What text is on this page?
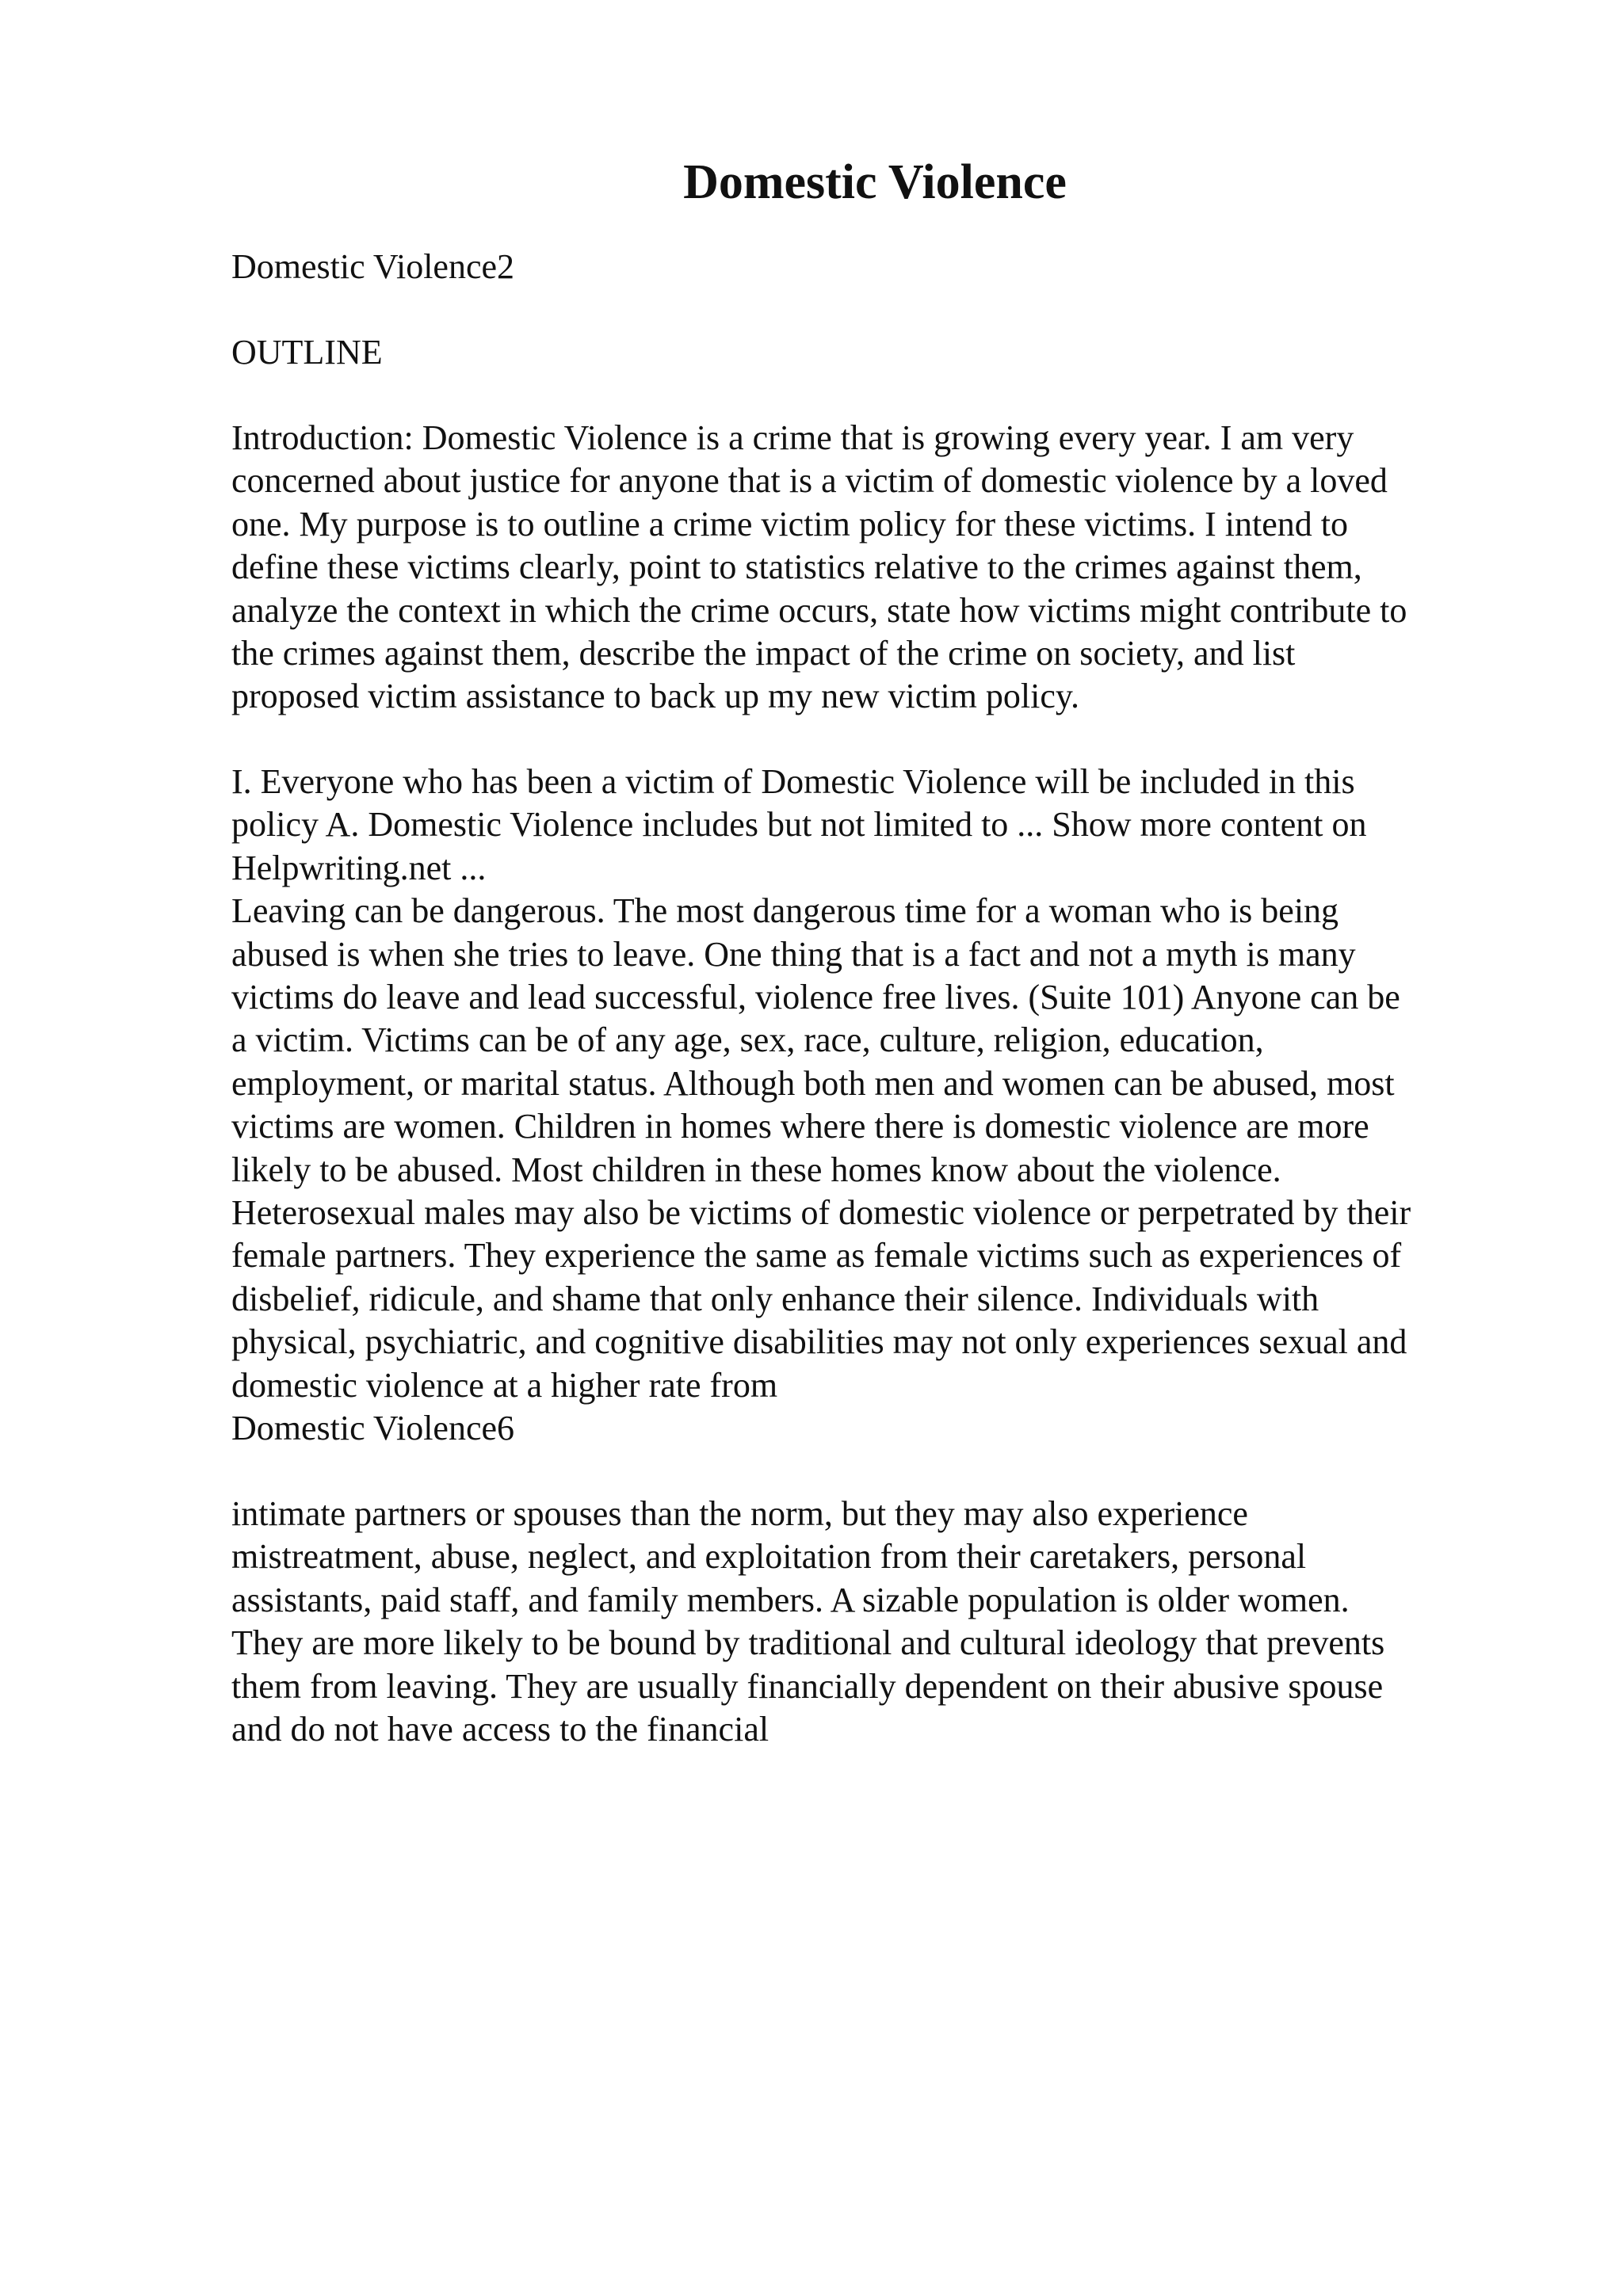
Domestic Violence

Domestic Violence2

OUTLINE

Introduction: Domestic Violence is a crime that is growing every year. I am very
concerned about justice for anyone that is a victim of domestic violence by a loved
one. My purpose is to outline a crime victim policy for these victims. I intend to
define these victims clearly, point to statistics relative to the crimes against them,
analyze the context in which the crime occurs, state how victims might contribute to
the crimes against them, describe the impact of the crime on society, and list
proposed victim assistance to back up my new victim policy.

I. Everyone who has been a victim of Domestic Violence will be included in this
policy A. Domestic Violence includes but not limited to ... Show more content on
Helpwriting.net ...
Leaving can be dangerous. The most dangerous time for a woman who is being
abused is when she tries to leave. One thing that is a fact and not a myth is many
victims do leave and lead successful, violence free lives. (Suite 101) Anyone can be
a victim. Victims can be of any age, sex, race, culture, religion, education,
employment, or marital status. Although both men and women can be abused, most
victims are women. Children in homes where there is domestic violence are more
likely to be abused. Most children in these homes know about the violence.
Heterosexual males may also be victims of domestic violence or perpetrated by their
female partners. They experience the same as female victims such as experiences of
disbelief, ridicule, and shame that only enhance their silence. Individuals with
physical, psychiatric, and cognitive disabilities may not only experiences sexual and
domestic violence at a higher rate from

Domestic Violence6

intimate partners or spouses than the norm, but they may also experience
mistreatment, abuse, neglect, and exploitation from their caretakers, personal
assistants, paid staff, and family members. A sizable population is older women.
They are more likely to be bound by traditional and cultural ideology that prevents
them from leaving. They are usually financially dependent on their abusive spouse
and do not have access to the financial
